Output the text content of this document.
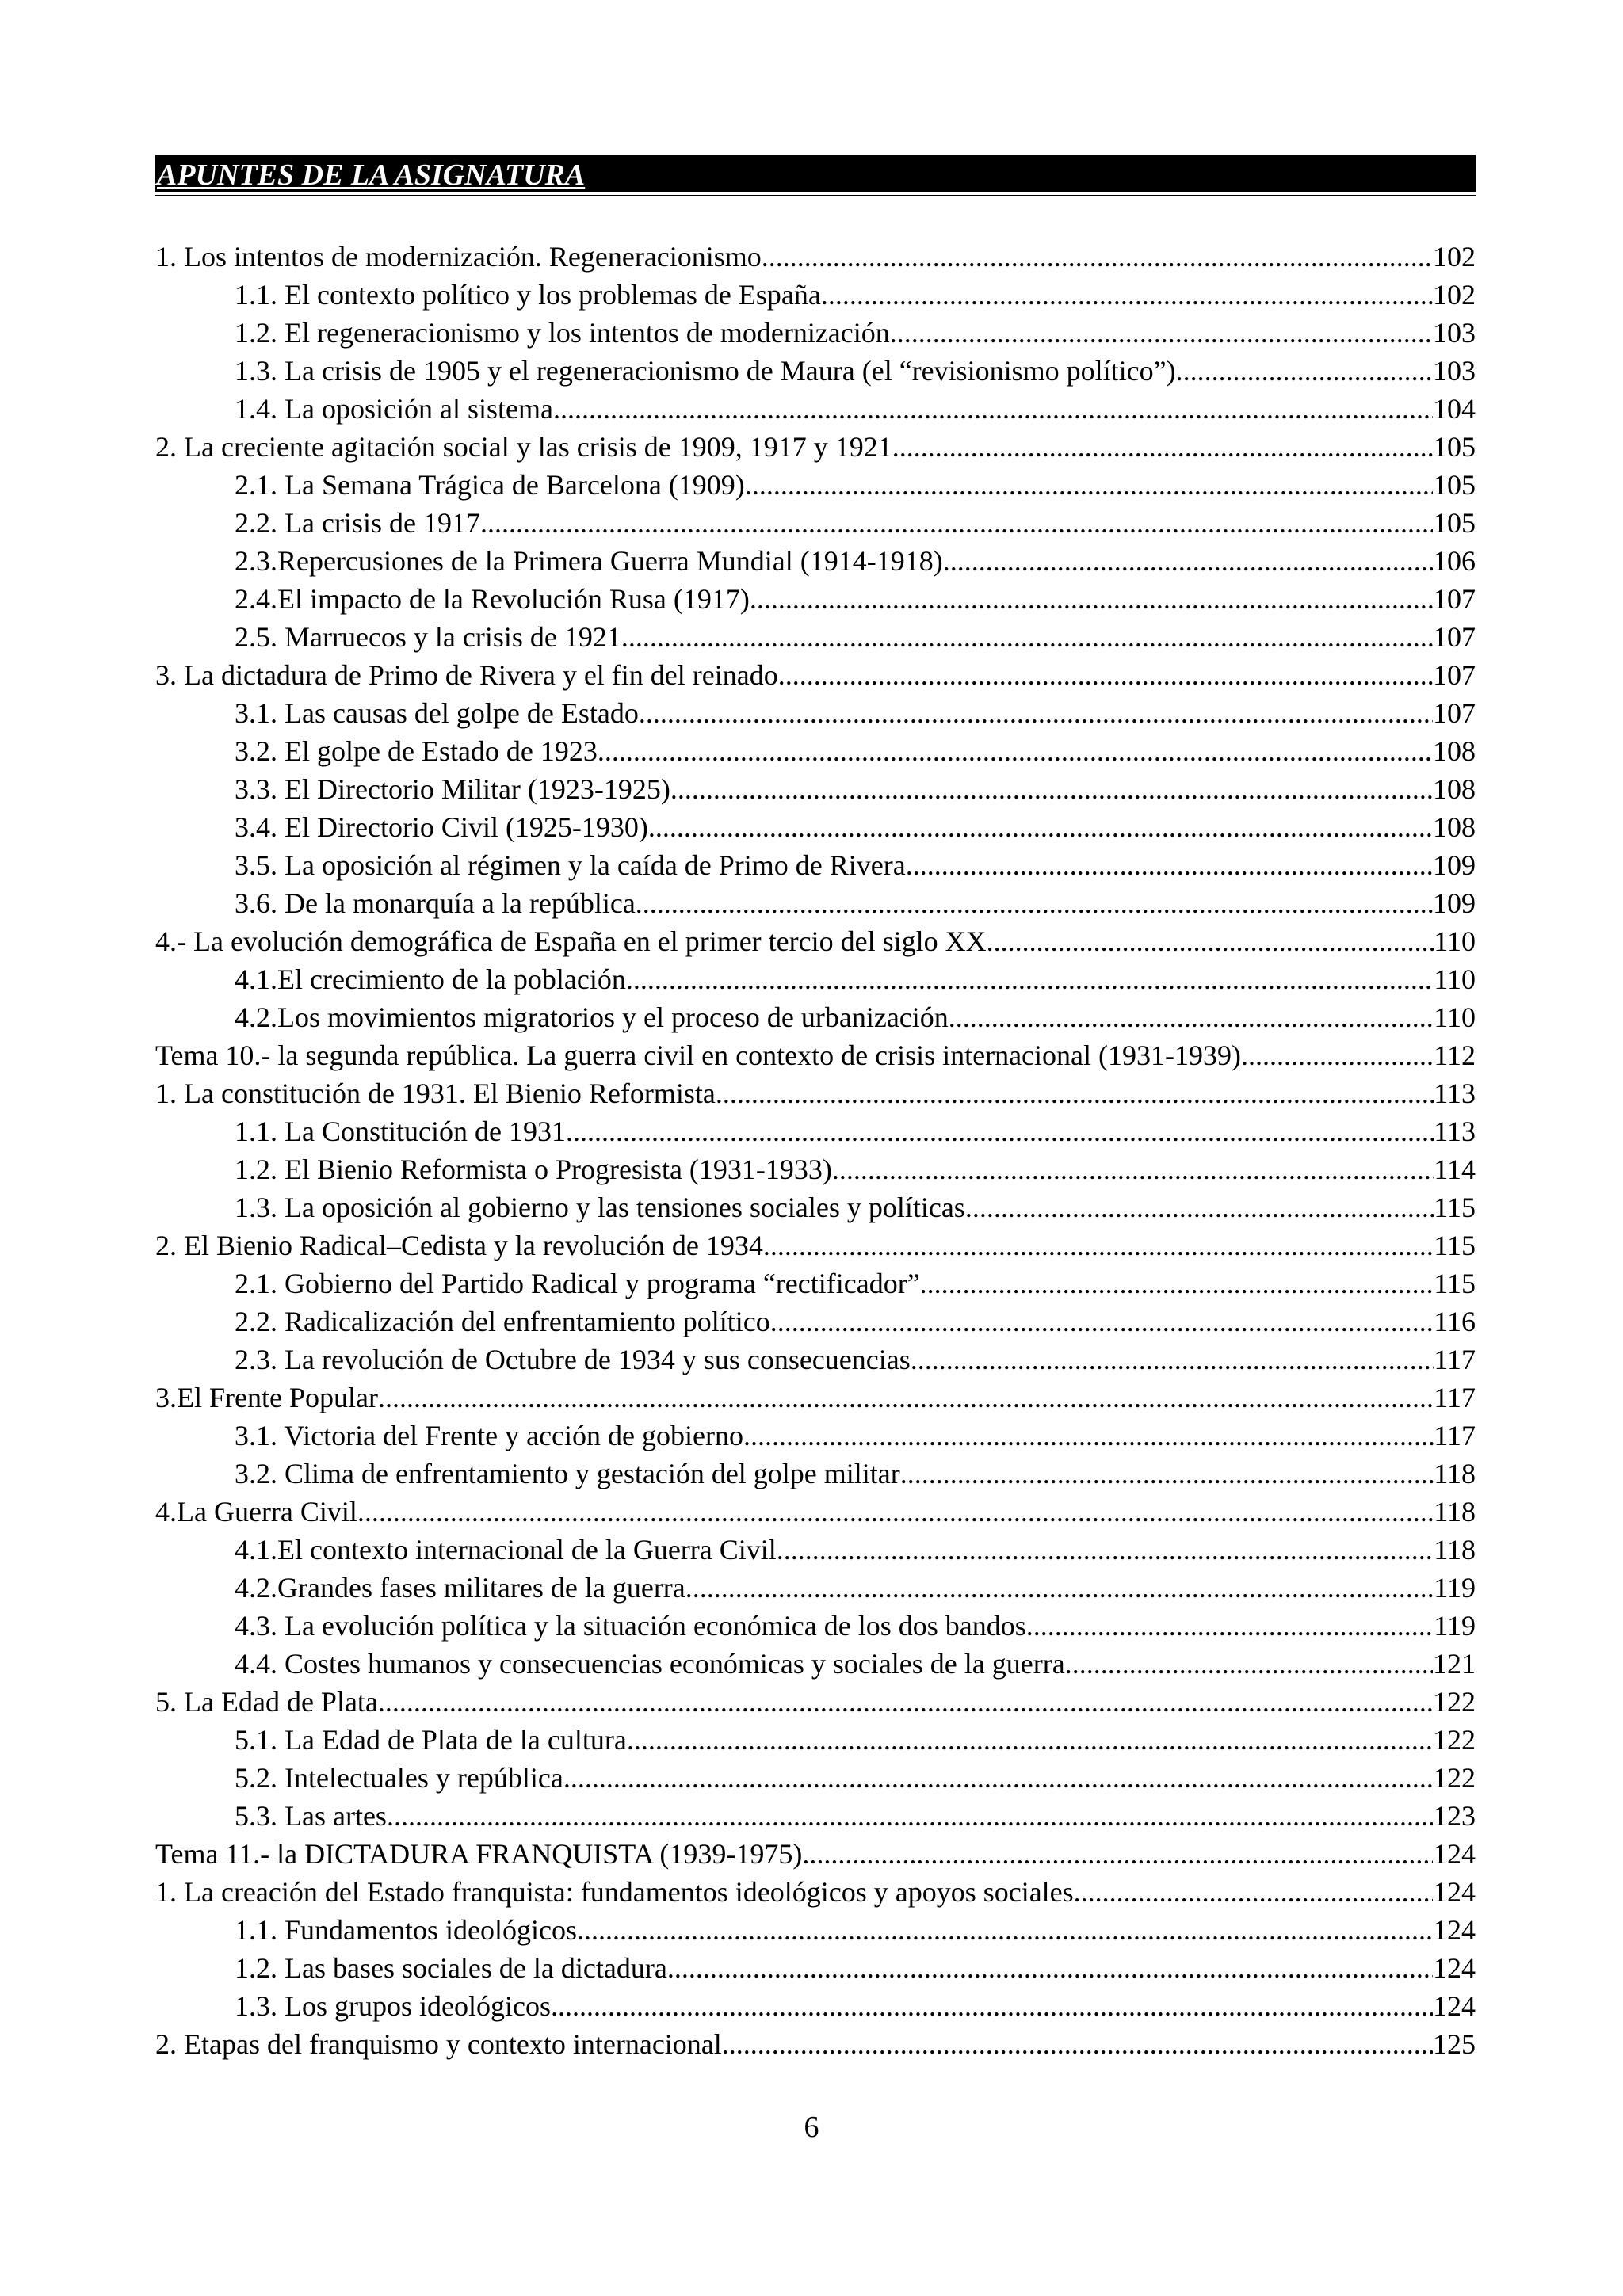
APUNTES DE LA ASIGNATURA
1. Los intentos de modernización. Regeneracionismo .....	102
1.1. El contexto político y los problemas de España .....	102
1.2. El regeneracionismo y los intentos de modernización .....	103
1.3. La crisis de 1905 y el regeneracionismo de Maura (el “revisionismo político”) .....	103
1.4. La oposición al sistema .....	104
2. La creciente agitación social y las crisis de 1909, 1917 y 1921 .....	105
2.1. La Semana Trágica de Barcelona (1909) .....	105
2.2. La crisis de 1917 .....	105
2.3.Repercusiones de la Primera Guerra Mundial (1914-1918) .....	106
2.4.El impacto de la Revolución Rusa (1917) .....	107
2.5. Marruecos y la crisis de 1921 .....	107
3. La dictadura de Primo de Rivera y el fin del reinado .....	107
3.1. Las causas del golpe de Estado .....	107
3.2. El golpe de Estado de 1923 .....	108
3.3. El Directorio Militar (1923-1925) .....	108
3.4. El Directorio Civil (1925-1930) .....	108
3.5. La oposición al régimen y la caída de Primo de Rivera .....	109
3.6. De la monarquía a la república .....	109
4.- La evolución demográfica de España en el primer tercio del siglo XX .....	110
4.1.El crecimiento de la población .....	110
4.2.Los movimientos migratorios y el proceso de urbanización .....	110
Tema 10.- la segunda república. La guerra civil en contexto de crisis internacional (1931-1939). .....	112
1. La constitución de 1931. El Bienio Reformista .....	113
1.1. La Constitución de 1931 .....	113
1.2. El Bienio Reformista o Progresista (1931-1933) .....	114
1.3. La oposición al gobierno y las tensiones sociales y políticas .....	115
2. El Bienio Radical–Cedista y la revolución de 1934 .....	115
2.1. Gobierno del Partido Radical y programa “rectificador” .....	115
2.2. Radicalización del enfrentamiento político .....	116
2.3. La revolución de Octubre de 1934 y sus consecuencias .....	117
3.El Frente Popular .....	117
3.1. Victoria del Frente y acción de gobierno .....	117
3.2. Clima de enfrentamiento y gestación del golpe militar .....	118
4.La Guerra Civil .....	118
4.1.El contexto internacional de la Guerra Civil .....	118
4.2.Grandes fases militares de la guerra .....	119
4.3. La evolución política y la situación económica de los dos bandos .....	119
4.4. Costes humanos y consecuencias económicas y sociales de la guerra .....	121
5. La Edad de Plata .....	122
5.1. La Edad de Plata de la cultura .....	122
5.2. Intelectuales y república .....	122
5.3. Las artes .....	123
Tema 11.- la DICTADURA FRANQUISTA (1939-1975) .....	124
1. La creación del Estado franquista: fundamentos ideológicos y apoyos sociales .....	124
1.1. Fundamentos ideológicos .....	124
1.2. Las bases sociales de la dictadura .....	124
1.3. Los grupos ideológicos .....	124
2. Etapas del franquismo y contexto internacional .....	125
6
